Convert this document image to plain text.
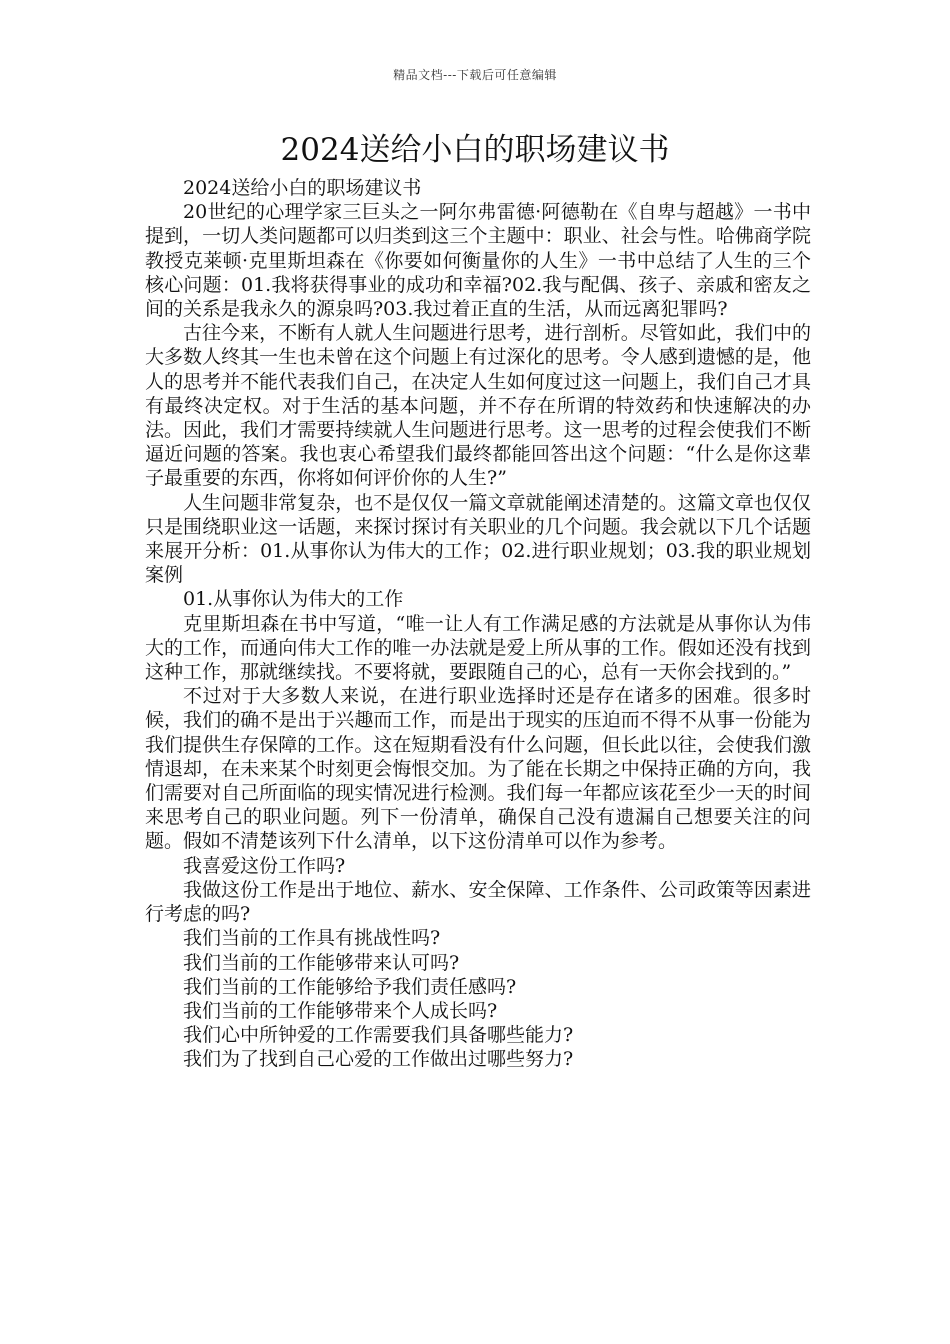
精品文档---下载后可任意编辑
2024送给小白的职场建议书

2024送给小白的职场建议书

20世纪的心理学家三巨头之一阿尔弗雷德·阿德勒在《自卑与超越》一书中提到，一切人类问题都可以归类到这三个主题中：职业、社会与性。哈佛商学院教授克莱顿·克里斯坦森在《你要如何衡量你的人生》一书中总结了人生的三个核心问题：01.我将获得事业的成功和幸福?02.我与配偶、孩子、亲戚和密友之间的关系是我永久的源泉吗?03.我过着正直的生活，从而远离犯罪吗?

古往今来，不断有人就人生问题进行思考，进行剖析。尽管如此，我们中的大多数人终其一生也未曾在这个问题上有过深化的思考。令人感到遗憾的是，他人的思考并不能代表我们自己，在决定人生如何度过这一问题上，我们自己才具有最终决定权。对于生活的基本问题，并不存在所谓的特效药和快速解决的办法。因此，我们才需要持续就人生问题进行思考。这一思考的过程会使我们不断逼近问题的答案。我也衷心希望我们最终都能回答出这个问题：“什么是你这辈子最重要的东西，你将如何评价你的人生?”

人生问题非常复杂，也不是仅仅一篇文章就能阐述清楚的。这篇文章也仅仅只是围绕职业这一话题，来探讨探讨有关职业的几个问题。我会就以下几个话题来展开分析：01.从事你认为伟大的工作；02.进行职业规划；03.我的职业规划案例

01.从事你认为伟大的工作

克里斯坦森在书中写道，“唯一让人有工作满足感的方法就是从事你认为伟大的工作，而通向伟大工作的唯一办法就是爱上所从事的工作。假如还没有找到这种工作，那就继续找。不要将就，要跟随自己的心，总有一天你会找到的。”

不过对于大多数人来说，在进行职业选择时还是存在诸多的困难。很多时候，我们的确不是出于兴趣而工作，而是出于现实的压迫而不得不从事一份能为我们提供生存保障的工作。这在短期看没有什么问题，但长此以往，会使我们激情退却，在未来某个时刻更会悔恨交加。为了能在长期之中保持正确的方向，我们需要对自己所面临的现实情况进行检测。我们每一年都应该花至少一天的时间来思考自己的职业问题。列下一份清单，确保自己没有遗漏自己想要关注的问题。假如不清楚该列下什么清单，以下这份清单可以作为参考。

我喜爱这份工作吗?

我做这份工作是出于地位、薪水、安全保障、工作条件、公司政策等因素进行考虑的吗?

我们当前的工作具有挑战性吗?

我们当前的工作能够带来认可吗?

我们当前的工作能够给予我们责任感吗?

我们当前的工作能够带来个人成长吗?

我们心中所钟爱的工作需要我们具备哪些能力?

我们为了找到自己心爱的工作做出过哪些努力?
